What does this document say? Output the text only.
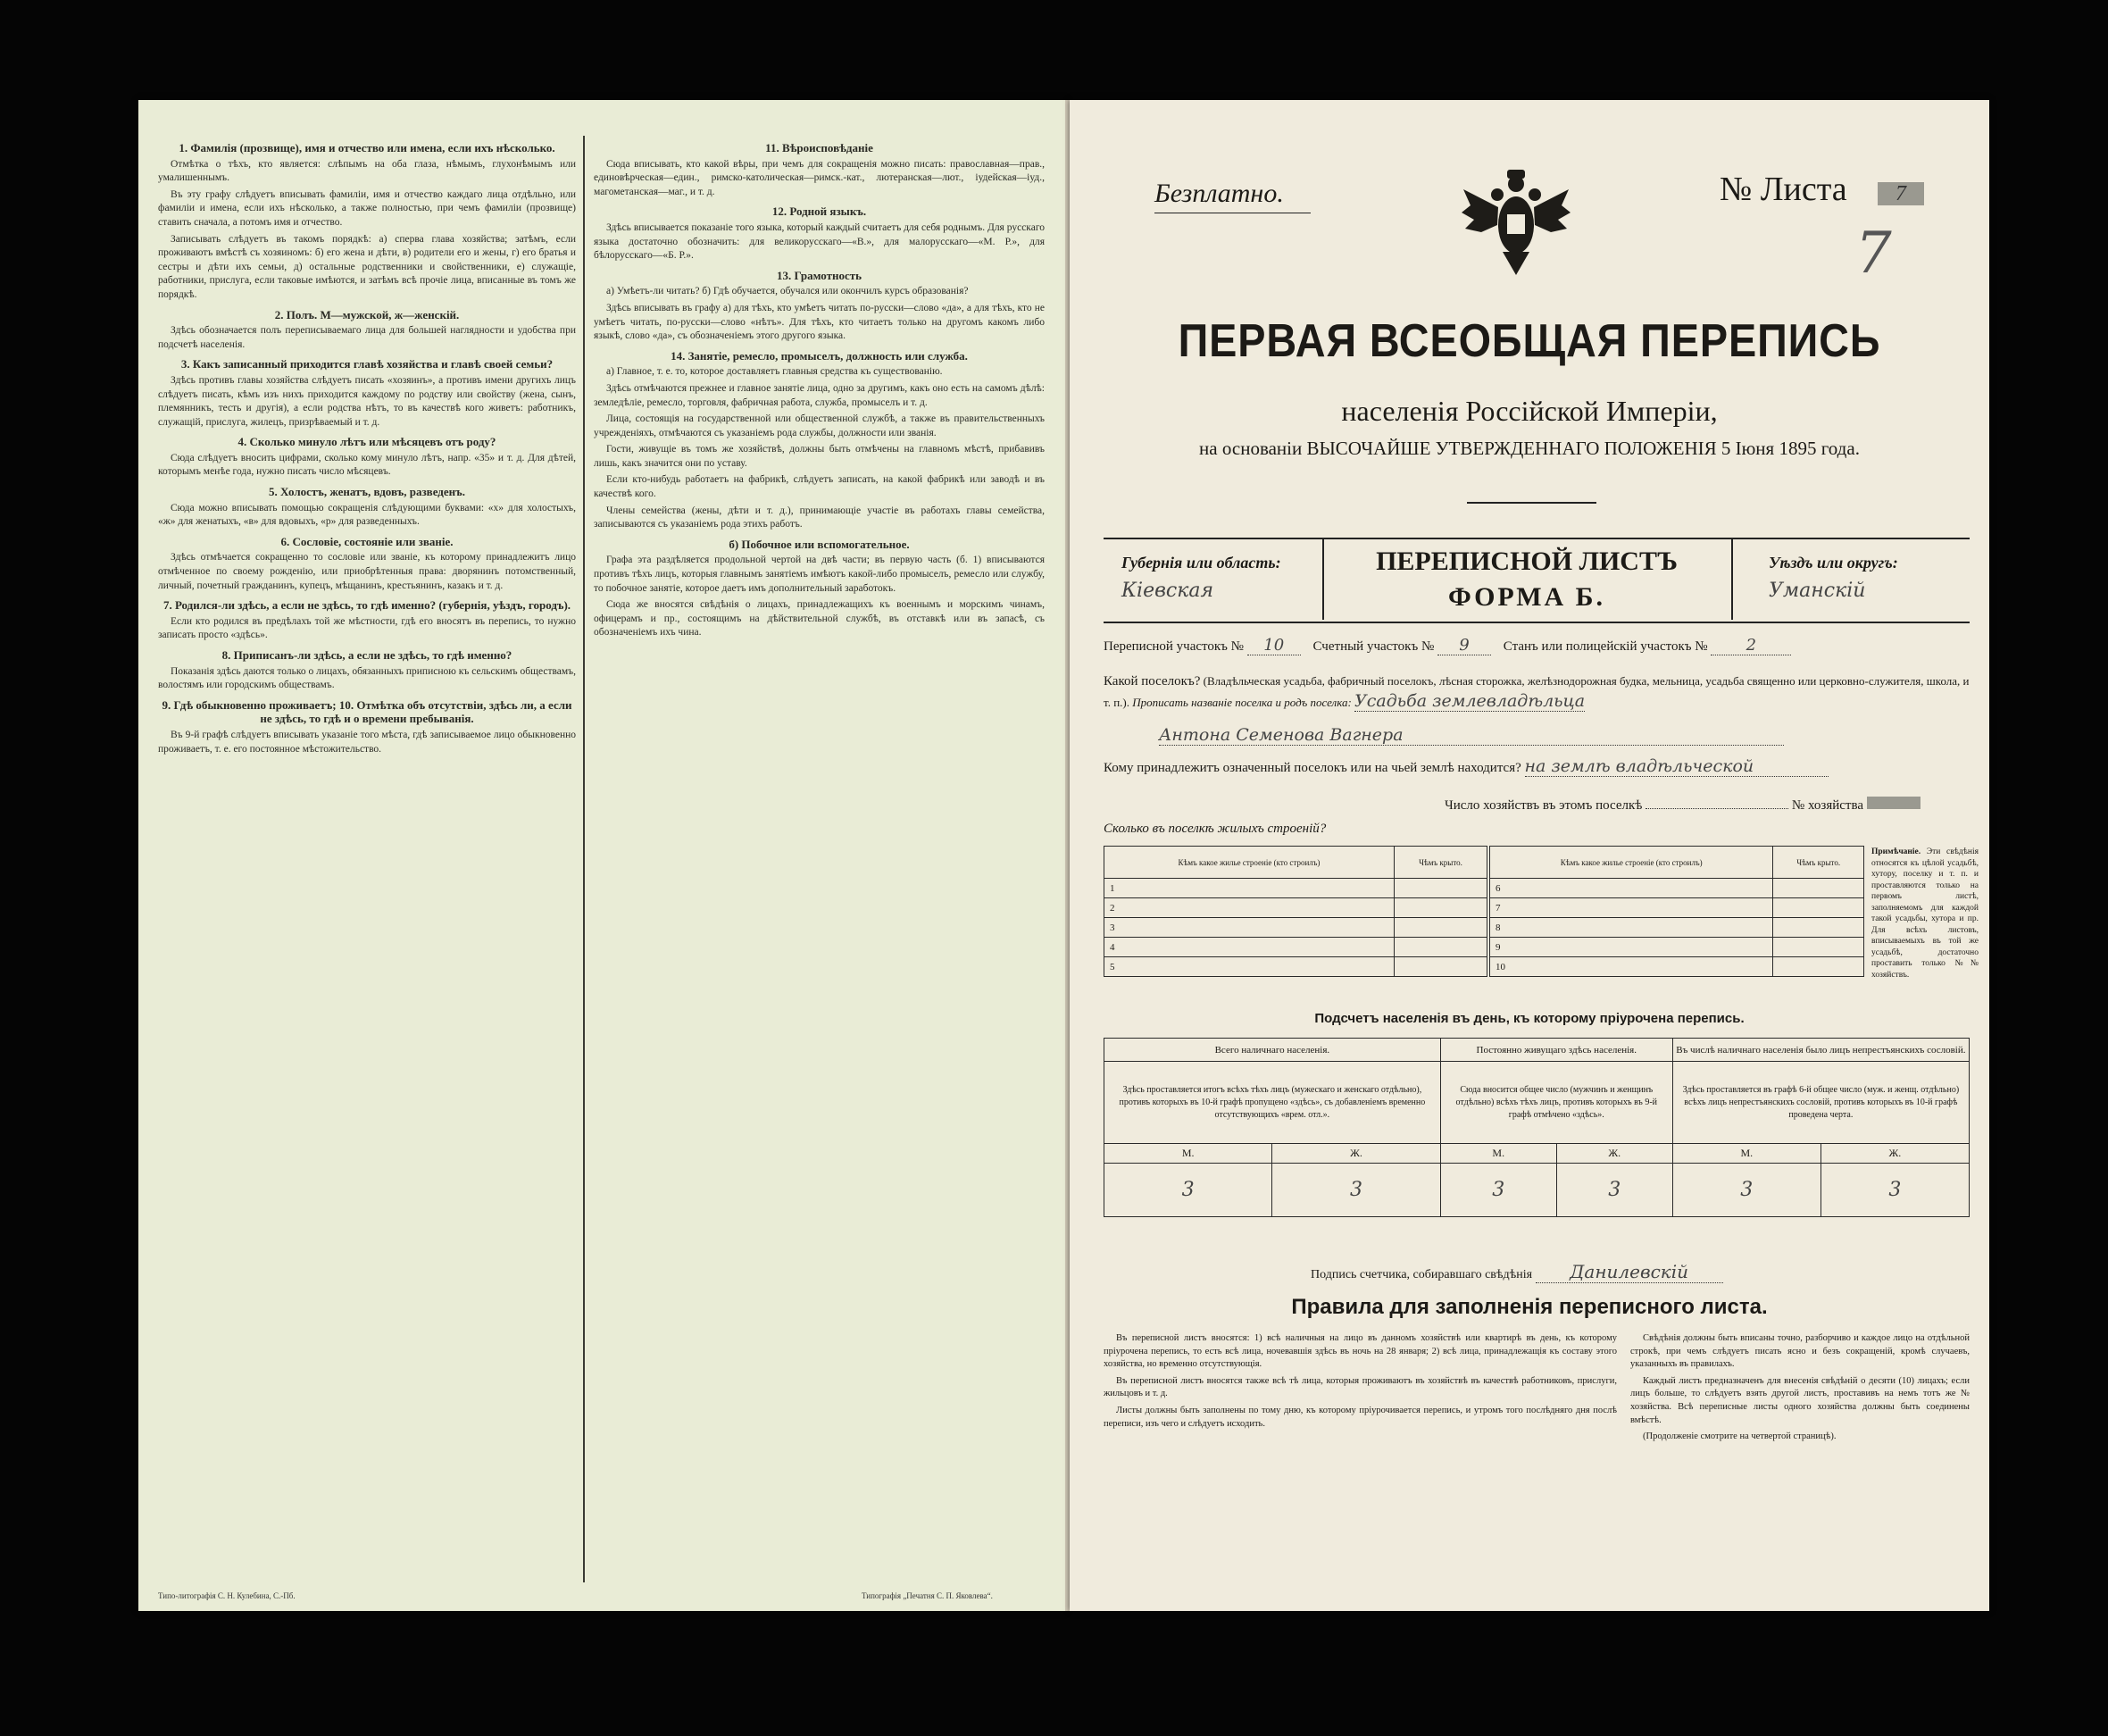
1. Фамилія (прозвище), имя и отчество или имена, если ихъ нѣсколько.

Отмѣтка о тѣхъ, кто является: слѣпымъ на оба глаза, нѣмымъ, глухонѣмымъ или умалишеннымъ.

Въ эту графу слѣдуетъ вписывать фамиліи, имя и отчество каждаго лица отдѣльно, или фамиліи и имена, если ихъ нѣсколько, а также полностью, при чемъ фамиліи (прозвище) ставить сначала, а потомъ имя и отчество.

Записывать слѣдуетъ въ такомъ порядкѣ: а) сперва глава хозяйства; затѣмъ, если проживаютъ вмѣстѣ съ хозяиномъ: б) его жена и дѣти, в) родители его и жены, г) его братья и сестры и дѣти ихъ семьи, д) остальные родственники и свойственники, е) служащіе, работники, прислуга, если таковые имѣются, и затѣмъ всѣ прочіе лица, вписанные въ томъ же порядкѣ.

2. Полъ. М—мужской, ж—женскій.

Здѣсь обозначается полъ переписываемаго лица для большей наглядности и удобства при подсчетѣ населенія.

3. Какъ записанный приходится главѣ хозяйства и главѣ своей семьи?

Здѣсь противъ главы хозяйства слѣдуетъ писать «хозяинъ», а противъ имени другихъ лицъ слѣдуетъ писать, кѣмъ изъ нихъ приходится каждому по родству или свойству (жена, сынъ, племянникъ, тесть и другія), а если родства нѣтъ, то въ качествѣ кого живетъ: работникъ, служащій, прислуга, жилецъ, призрѣваемый и т. д.

4. Сколько минуло лѣтъ или мѣсяцевъ отъ роду?

Сюда слѣдуетъ вносить цифрами, сколько кому минуло лѣтъ, напр. «35» и т. д. Для дѣтей, которымъ менѣе года, нужно писать число мѣсяцевъ.

5. Холостъ, женатъ, вдовъ, разведенъ.

Сюда можно вписывать помощью сокращенія слѣдующими буквами: «х» для холостыхъ, «ж» для женатыхъ, «в» для вдовыхъ, «р» для разведенныхъ.

6. Сословіе, состояніе или званіе.

Здѣсь отмѣчается сокращенно то сословіе или званіе, къ которому принадлежитъ лицо отмѣченное по своему рожденію, или приобрѣтенныя права: дворянинъ потомственный, личный, почетный гражданинъ, купецъ, мѣщанинъ, крестьянинъ, казакъ и т. д.

7. Родился-ли здѣсь, а если не здѣсь, то гдѣ именно? (губернія, уѣздъ, городъ).

Если кто родился въ предѣлахъ той же мѣстности, гдѣ его вносятъ въ перепись, то нужно записать просто «здѣсь».

8. Приписанъ-ли здѣсь, а если не здѣсь, то гдѣ именно?

Показанія здѣсь даются только о лицахъ, обязанныхъ приписною къ сельскимъ обществамъ, волостямъ или городскимъ обществамъ.

9. Гдѣ обыкновенно проживаетъ; 10. Отмѣтка объ отсутствіи, здѣсь ли, а если не здѣсь, то гдѣ и о времени пребыванія.

Въ 9-й графѣ слѣдуетъ вписывать указаніе того мѣста, гдѣ записываемое лицо обыкновенно проживаетъ, т. е. его постоянное мѣстожительство.

11. Вѣроисповѣданіе

Сюда вписывать, кто какой вѣры, при чемъ для сокращенія можно писать: православная—прав., единовѣрческая—един., римско-католическая—римск.-кат., лютеранская—лют., іудейская—іуд., магометанская—маг., и т. д.

12. Родной языкъ.

Здѣсь вписывается показаніе того языка, который каждый считаетъ для себя роднымъ. Для русскаго языка достаточно обозначить: для великорусскаго—«В.», для малорусскаго—«М. Р.», для бѣлорусскаго—«Б. Р.».

13. Грамотность

а) Умѣетъ-ли читать? б) Гдѣ обучается, обучался или окончилъ курсъ образованія?

Здѣсь вписывать въ графу а) для тѣхъ, кто умѣетъ читать по-русски—слово «да», а для тѣхъ, кто не умѣетъ читать, по-русски—слово «нѣтъ». Для тѣхъ, кто читаетъ только на другомъ какомъ либо языкѣ, слово «да», съ обозначеніемъ этого другого языка.

14. Занятіе, ремесло, промыселъ, должность или служба.

а) Главное, т. е. то, которое доставляетъ главныя средства къ существованію.

Здѣсь отмѣчаются прежнее и главное занятіе лица, одно за другимъ, какъ оно есть на самомъ дѣлѣ: земледѣліе, ремесло, торговля, фабричная работа, служба, промыселъ и т. д.

Лица, состоящія на государственной или общественной службѣ, а также въ правительственныхъ учрежденіяхъ, отмѣчаются съ указаніемъ рода службы, должности или званія.

Гости, живущіе въ томъ же хозяйствѣ, должны быть отмѣчены на главномъ мѣстѣ, прибавивъ лишь, какъ значится они по уставу.

Если кто-нибудь работаетъ на фабрикѣ, слѣдуетъ записать, на какой фабрикѣ или заводѣ и въ качествѣ кого.

Члены семейства (жены, дѣти и т. д.), принимающіе участіе въ работахъ главы семейства, записываются съ указаніемъ рода этихъ работъ.

б) Побочное или вспомогательное.

Графа эта раздѣляется продольной чертой на двѣ части; въ первую часть (б. 1) вписываются противъ тѣхъ лицъ, которыя главнымъ занятіемъ имѣютъ какой-либо промыселъ, ремесло или службу, то побочное занятіе, которое даетъ имъ дополнительный заработокъ.

Сюда же вносятся свѣдѣнія о лицахъ, принадлежащихъ къ военнымъ и морскимъ чинамъ, офицерамъ и пр., состоящимъ на дѣйствительной службѣ, въ отставкѣ или въ запасѣ, съ обозначеніемъ ихъ чина.

Типо-литографія С. Н. Кулебина, С.-Пб.	Типографія „Печатня С. П. Яковлева“.
Безплатно.	№ Листа	7
7
ПЕРВАЯ ВСЕОБЩАЯ ПЕРЕПИСЬ
населенія Россійской Имперіи,
на основаніи ВЫСОЧАЙШЕ УТВЕРЖДЕННАГО ПОЛОЖЕНІЯ 5 Іюня 1895 года.
Губернія или область:
Кіевская
ПЕРЕПИСНОЙ ЛИСТЪ
ФОРМА Б.
Уѣздъ или округъ:
Уманскій
Переписной участокъ № 10 Счетный участокъ № 9	Станъ или полицейскій участокъ № 2
Какой поселокъ? (Владѣльческая усадьба, фабричный поселокъ, лѣсная сторожка, желѣзнодорожная будка, мельница, усадьба священно или церковно-служителя, школа, и т. п.). Прописать названіе поселка и родъ поселка: Усадьба землевладѣльца
Антона Семенова Вагнера
Кому принадлежитъ означенный поселокъ или на чьей землѣ находится? на землѣ владѣльческой
Число хозяйствъ въ этомъ поселкѣ	№ хозяйства
Сколько въ поселкѣ жилыхъ строеній?
Кѣмъ какое жилье строеніе (кто строилъ)	Чѣмъ крыто.
1	
2	
3	
4	
5	
Кѣмъ какое жилье строеніе (кто строилъ)	Чѣмъ крыто.
6	
7	
8	
9	
10	
Примѣчаніе. Эти свѣдѣнія относятся къ цѣлой усадьбѣ, хутору, поселку и т. п. и проставляются только на первомъ листѣ, заполняемомъ для каждой такой усадьбы, хутора и пр. Для всѣхъ листовъ, вписываемыхъ въ той же усадьбѣ, достаточно проставить только №№ хозяйствъ.
Подсчетъ населенія въ день, къ которому пріурочена перепись.
Всего наличнаго населенія.		Постоянно живущаго здѣсь населенія.		Въ числѣ наличнаго населенія было лицъ непрестъянскихъ сословій.	
Здѣсь проставляется итогъ всѣхъ тѣхъ лицъ (мужескаго и женскаго отдѣльно), противъ которыхъ въ 10-й графѣ пропущено «здѣсь», съ добавленіемъ временно отсутствующихъ «врем. отл.».		Сюда вносится общее число (мужчинъ и женщинъ отдѣльно) всѣхъ тѣхъ лицъ, противъ которыхъ въ 9-й графѣ отмѣчено «здѣсь».		Здѣсь проставляется въ графѣ 6-й общее число (муж. и женщ. отдѣльно) всѣхъ лицъ непрестъянскихъ сословій, противъ которыхъ въ 10-й графѣ проведена черта.	
М.	Ж.	М.	Ж.	М.	Ж.
3	3	3	3	3	3
Подпись счетчика, собиравшаго свѣдѣнія Данилевскій
Правила для заполненія переписного листа.

Въ переписной листъ вносятся: 1) всѣ наличныя на лицо въ данномъ хозяйствѣ или квартирѣ въ день, къ которому пріурочена перепись, то есть всѣ лица, ночевавшія здѣсь въ ночь на 28 января; 2) всѣ лица, принадлежащія къ составу этого хозяйства, но временно отсутствующія.

Въ переписной листъ вносятся также всѣ тѣ лица, которыя проживаютъ въ хозяйствѣ въ качествѣ работниковъ, прислуги, жильцовъ и т. д.

Листы должны быть заполнены по тому дню, къ которому пріурочивается перепись, и утромъ того послѣдняго дня послѣ переписи, изъ чего и слѣдуетъ исходить.

Свѣдѣнія должны быть вписаны точно, разборчиво и каждое лицо на отдѣльной строкѣ, при чемъ слѣдуетъ писать ясно и безъ сокращеній, кромѣ случаевъ, указанныхъ въ правилахъ.

Каждый листъ предназначенъ для внесенія свѣдѣній о десяти (10) лицахъ; если лицъ больше, то слѣдуетъ взять другой листъ, проставивъ на немъ тотъ же № хозяйства. Всѣ переписные листы одного хозяйства должны быть соединены вмѣстѣ.

(Продолженіе смотрите на четвертой страницѣ).
